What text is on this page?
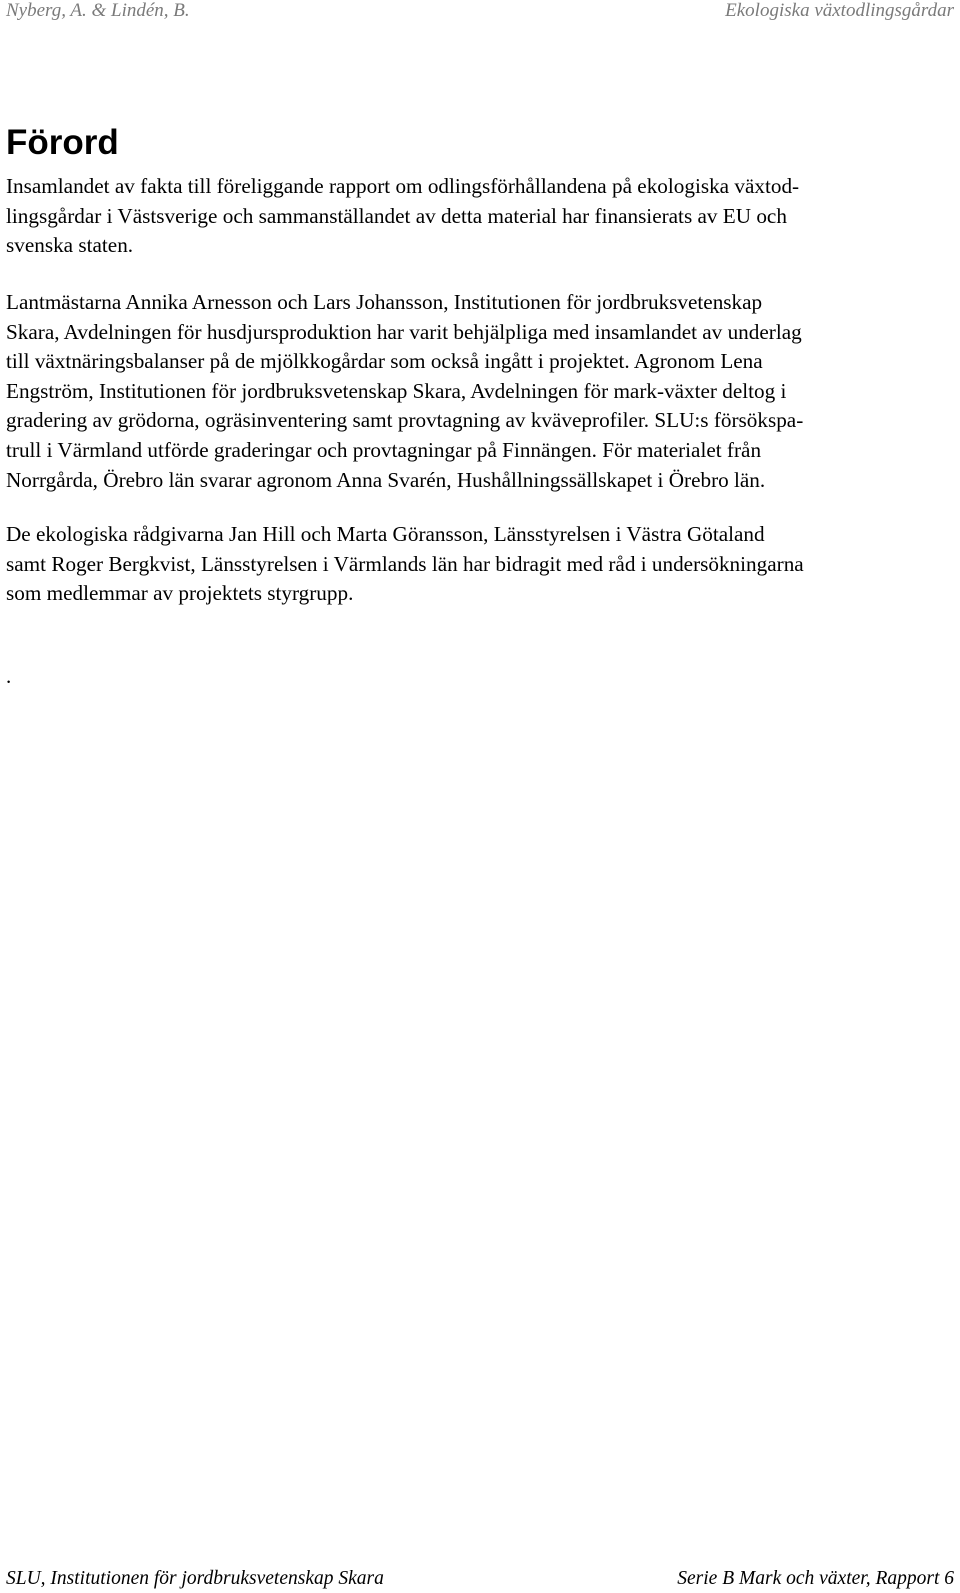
Nyberg, A. & Lindén, B.	Ekologiska växtodlingsgårdar
Förord

Insamlandet av fakta till föreliggande rapport om odlingsförhållandena på ekologiska växtod-
lingsgårdar i Västsverige och sammanställandet av detta material har finansierats av EU och
svenska staten.

Lantmästarna Annika Arnesson och Lars Johansson, Institutionen för jordbruksvetenskap
Skara, Avdelningen för husdjursproduktion har varit behjälpliga med insamlandet av underlag
till växtnäringsbalanser på de mjölkkogårdar som också ingått i projektet. Agronom Lena
Engström, Institutionen för jordbruksvetenskap Skara, Avdelningen för mark-växter deltog i
gradering av grödorna, ogräsinventering samt provtagning av kväveprofiler. SLU:s försökspa-
trull i Värmland utförde graderingar och provtagningar på Finnängen. För materialet från
Norrgårda, Örebro län svarar agronom Anna Svarén, Hushållningssällskapet i Örebro län.

De ekologiska rådgivarna Jan Hill och Marta Göransson, Länsstyrelsen i Västra Götaland
samt Roger Bergkvist, Länsstyrelsen i Värmlands län har bidragit med råd i undersökningarna
som medlemmar av projektets styrgrupp.

.
SLU, Institutionen för jordbruksvetenskap Skara	Serie B Mark och växter, Rapport 6
